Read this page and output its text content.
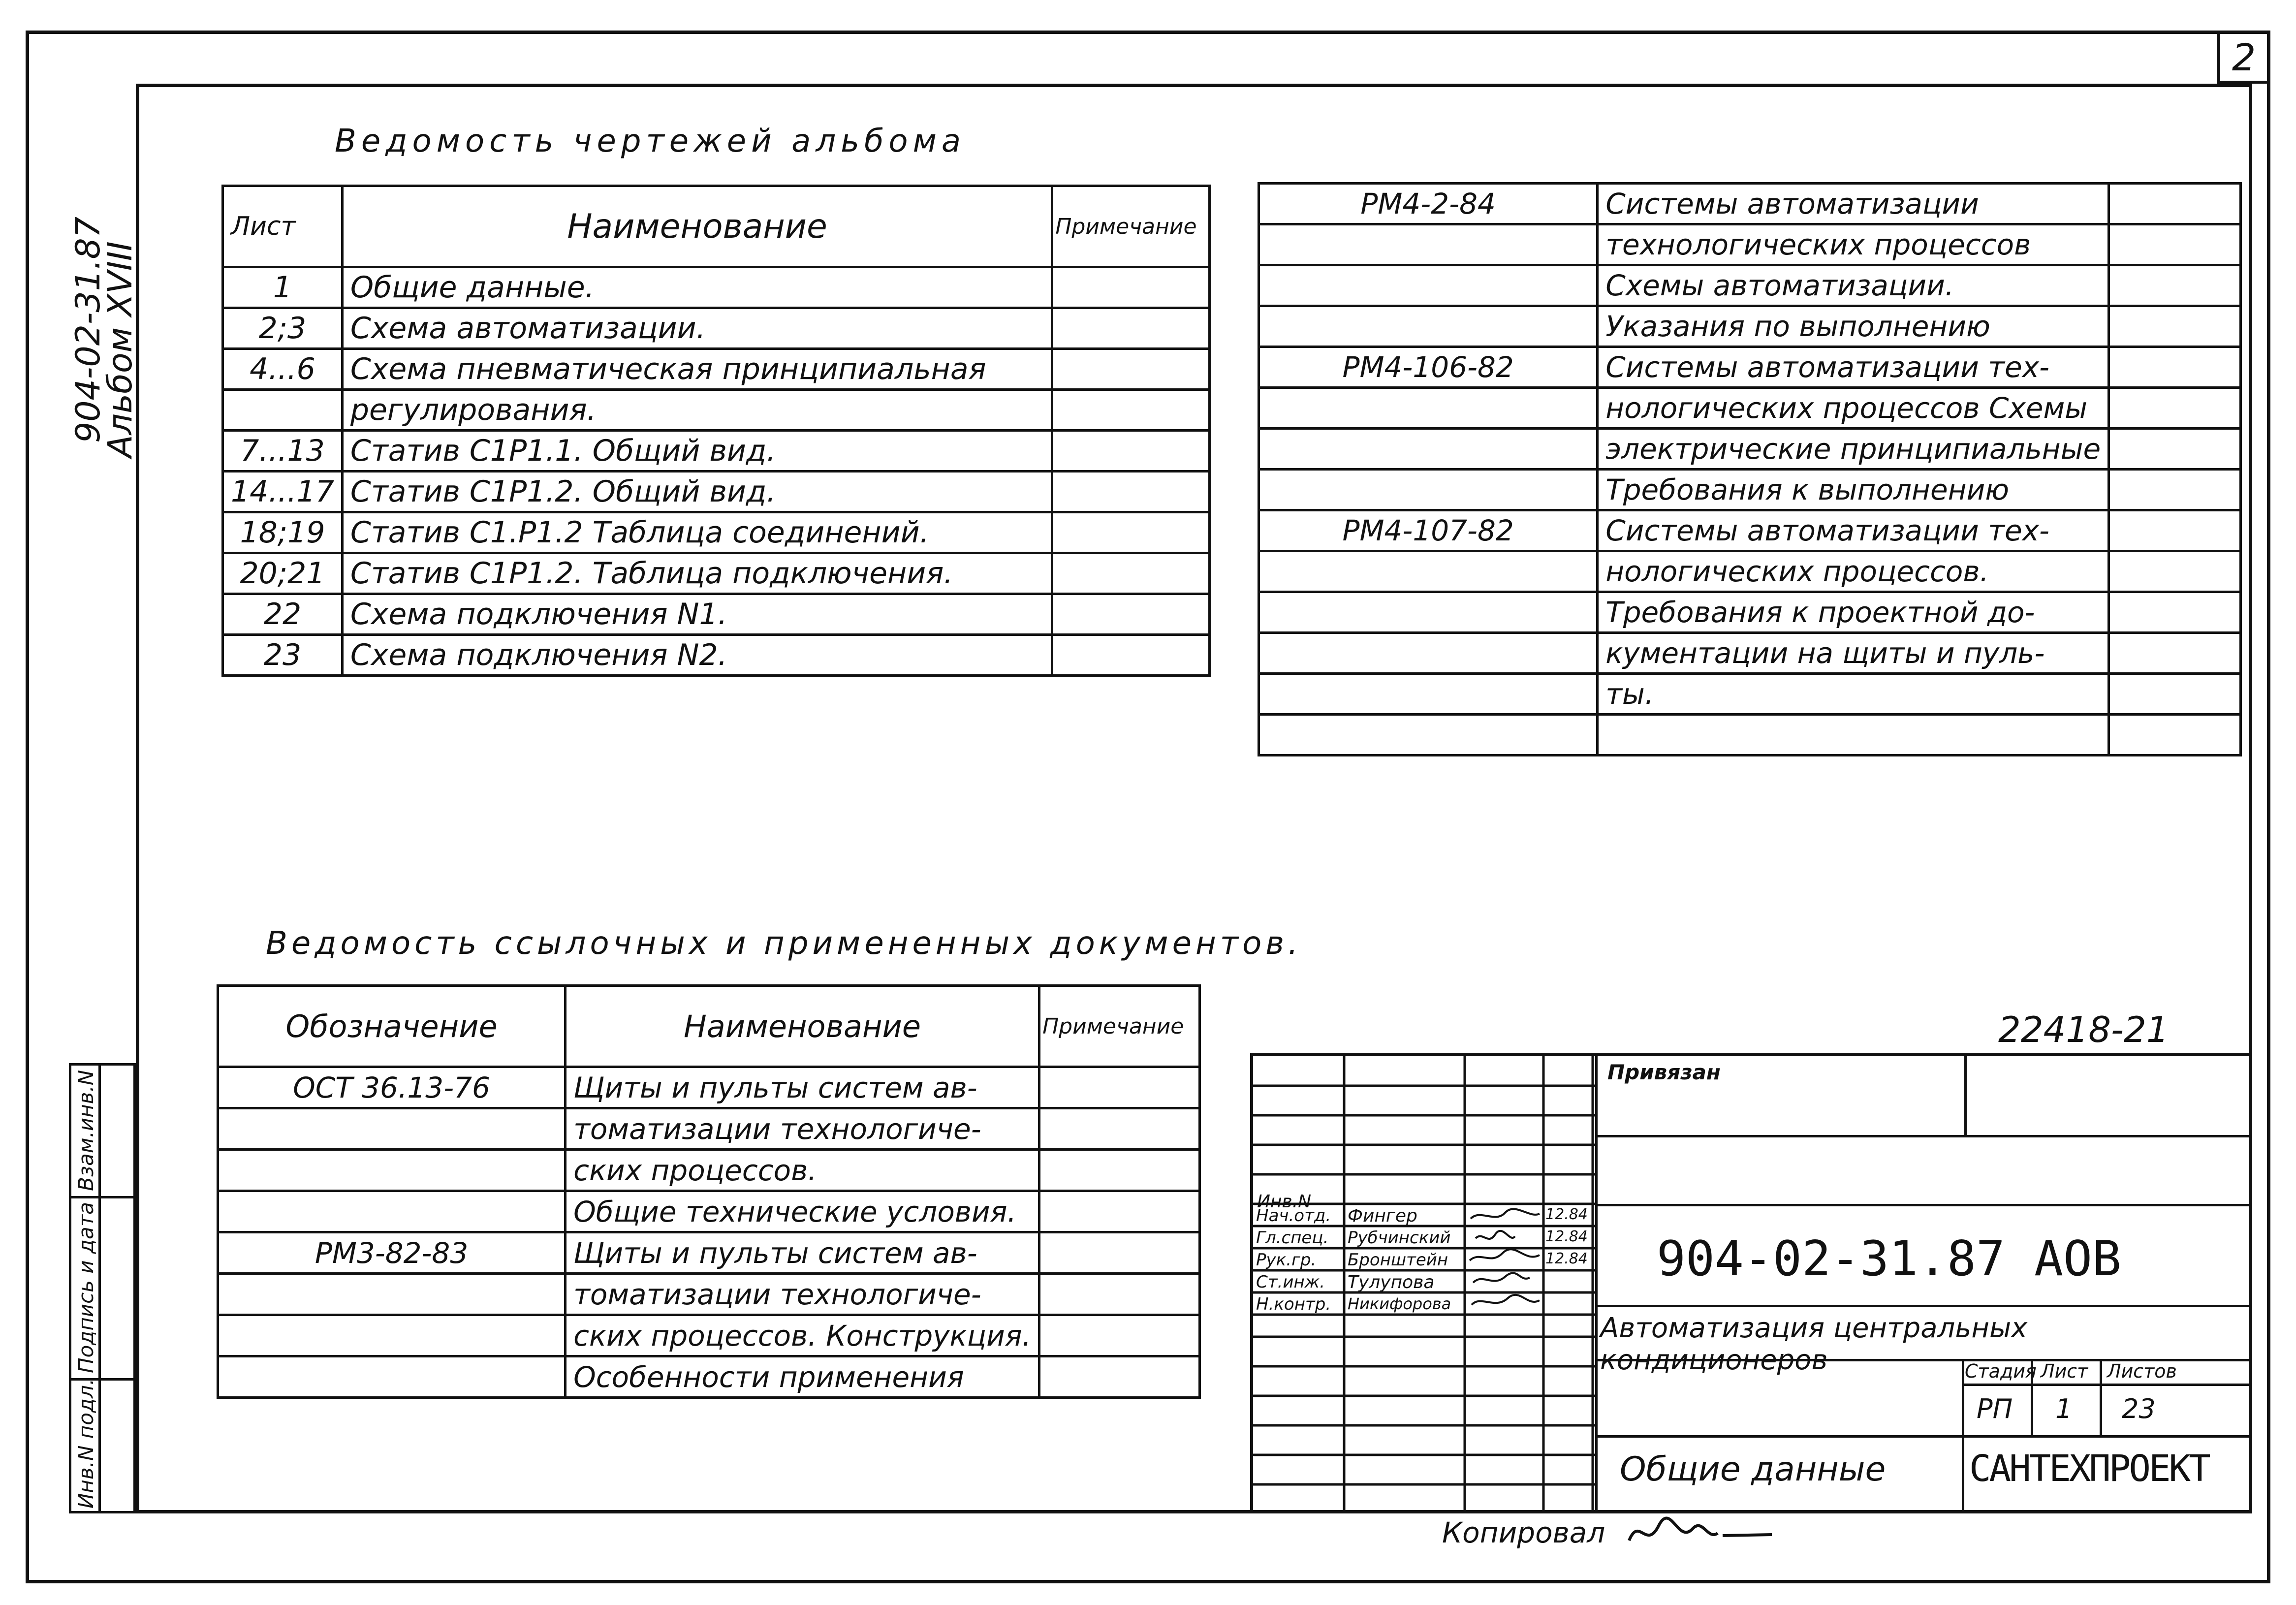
2
904-02-31.87
Альбом XVIII
Инв.N подл.
Подпись и дата
Взам.инв.N
Ведомость чертежей альбома
Лист	Наименование	Примечание
1	Общие данные.	
2;3	Схема автоматизации.	
4...6	Схема пневматическая принципиальная	
	регулирования.	
7...13	Статив С1Р1.1. Общий вид.	
14...17	Статив С1Р1.2. Общий вид.	
18;19	Статив С1.Р1.2 Таблица соединений.	
20;21	Статив С1Р1.2. Таблица подключения.	
22	Схема подключения N1.	
23	Схема подключения N2.	
РМ4-2-84	Системы автоматизации	
	технологических процессов	
	Схемы автоматизации.	
	Указания по выполнению	
РМ4-106-82	Системы автоматизации тех-	
	нологических процессов Схемы	
	электрические принципиальные	
	Требования к выполнению	
РМ4-107-82	Системы автоматизации тех-	
	нологических процессов.	
	Требования к проектной до-	
	кументации на щиты и пуль-	
	ты.	

Ведомость ссылочных и примененных документов.
Обозначение	Наименование	Примечание
ОСТ 36.13-76	Щиты и пульты систем ав-	
	томатизации технологиче-	
	ских процессов.	
	Общие технические условия.	
РМ3-82-83	Щиты и пульты систем ав-	
	томатизации технологиче-	
	ских процессов. Конструкция.	
	Особенности применения	
22418-21
Инв.N
Нач.отд. Фингер	12.84
Гл.спец. Рубчинский	12.84
Рук.гр. Бронштейн	12.84
Ст.инж. Тулупова
Н.контр. Никифорова
Привязан
904-02-31.87 АОВ
Автоматизация центральных кондиционеров	Стадия Лист Листов
РП 1 23
Общие данные САНТЕХПРОЕКТ
Копировал
